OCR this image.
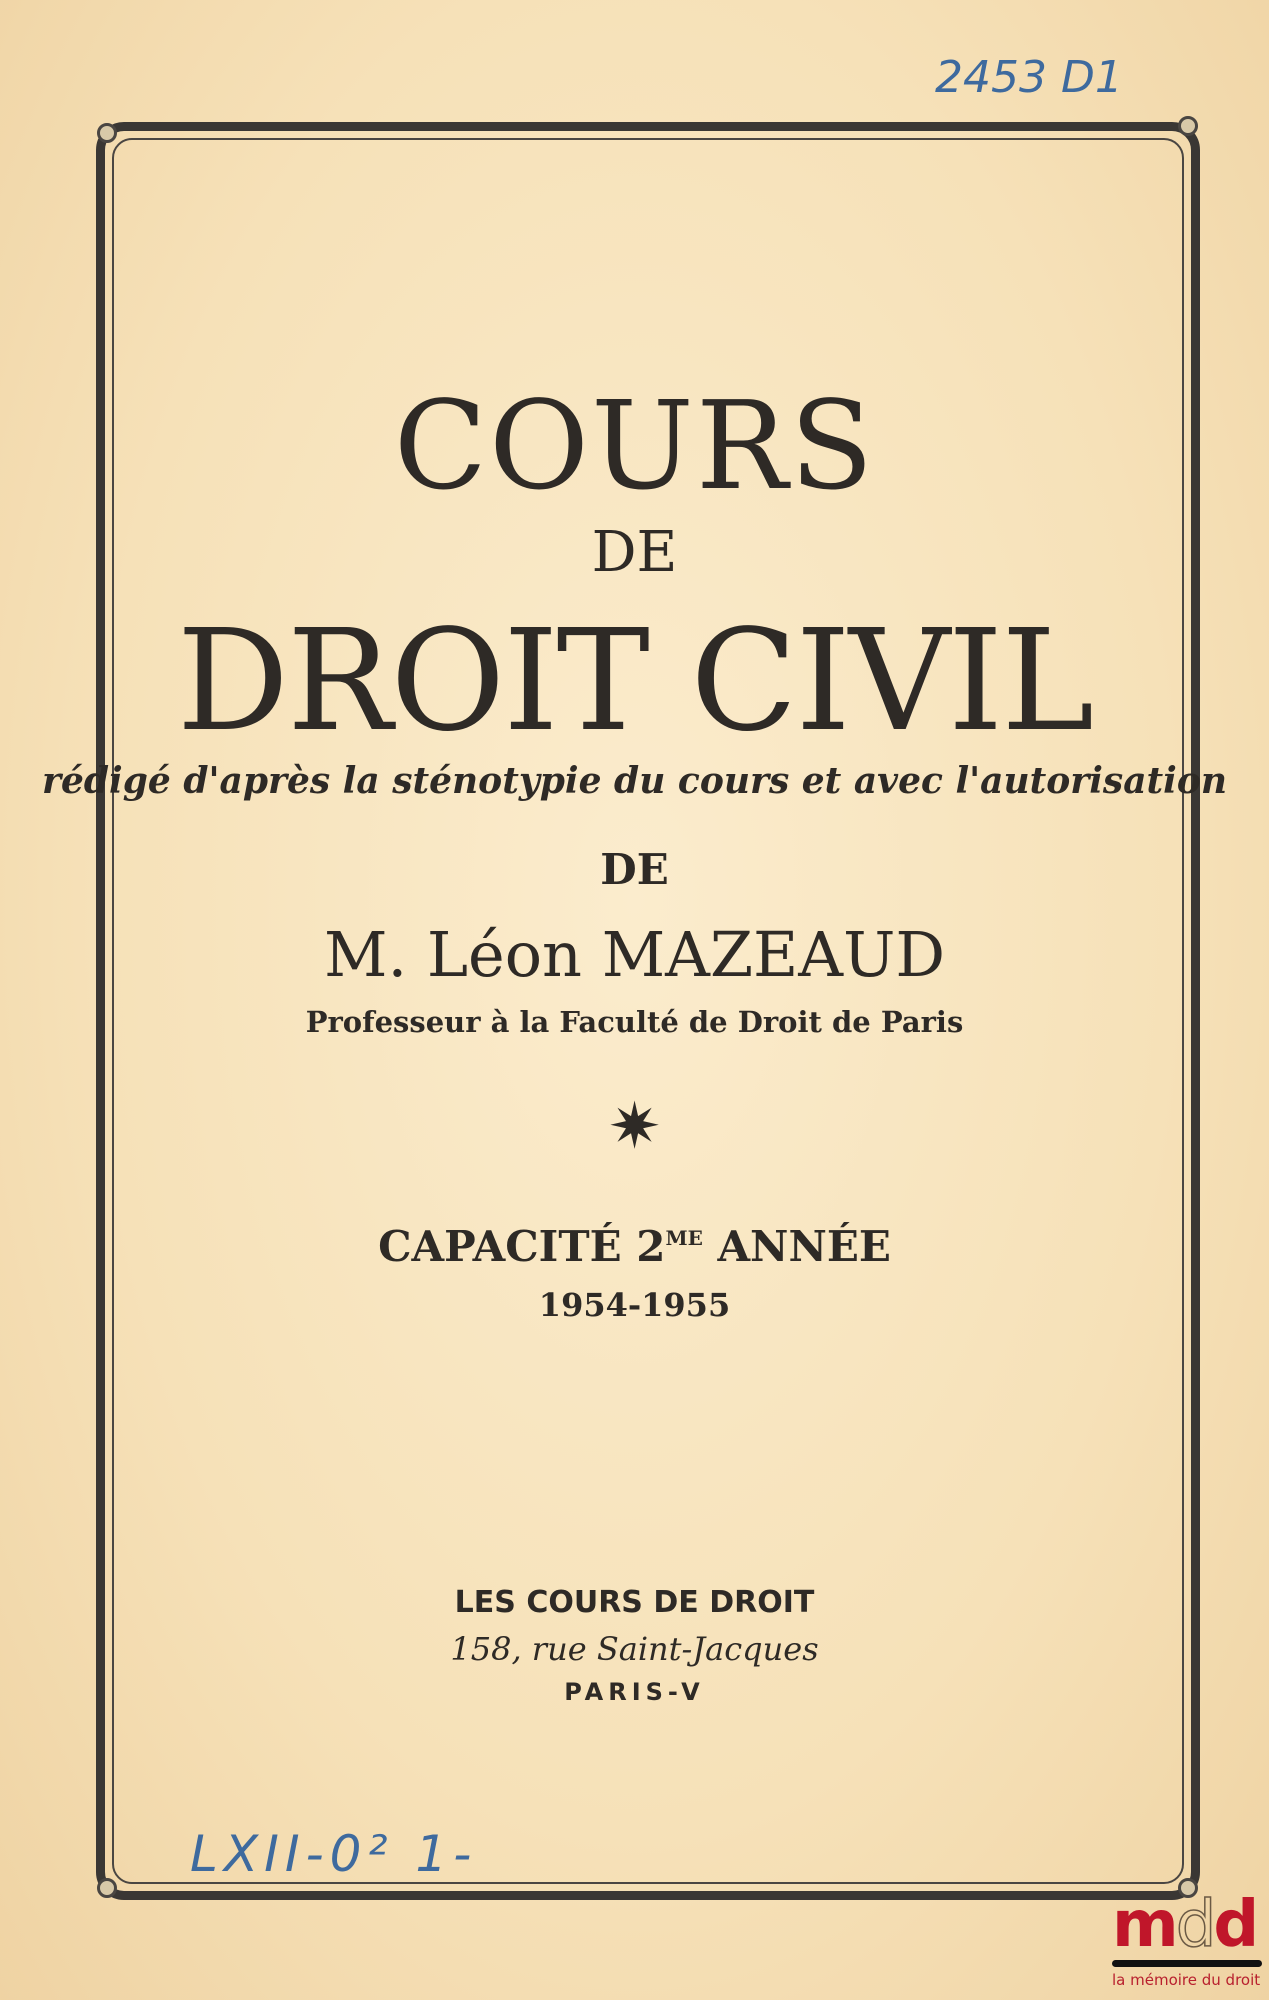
2453 D1
COURS
DE
DROIT CIVIL
rédigé d'après la sténotypie du cours et avec l'autorisation
DE
M. Léon MAZEAUD
Professeur à la Faculté de Droit de Paris
✷
CAPACITÉ $2^{ME}$ ANNÉE
1954-1955
LES COURS DE DROIT
158, rue Saint-Jacques
PARIS-V
LXII-0² 1-
mdd
la mémoire du droit
